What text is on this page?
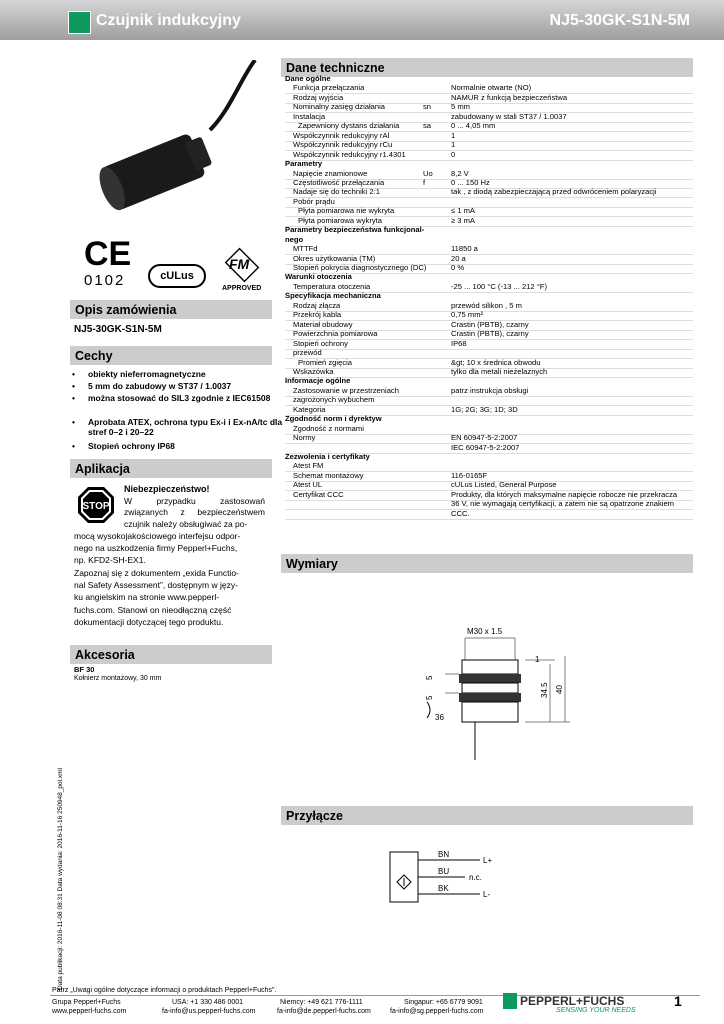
Czujnik indukcyjny	NJ5-30GK-S1N-5M
CE
0102	cULus
FM
APPROVED
Opis zamówienia
NJ5-30GK-S1N-5M
Cechy
• obiekty nieferromagnetyczne
• 5 mm do zabudowy w ST37 / 1.0037
• można stosować do SIL3 zgodnie z IEC61508
• Aprobata ATEX, ochrona typu Ex-i i Ex-nA/tc dla stref 0–2 i 20–22
• Stopień ochrony IP68
Aplikacja
STOP
Niebezpieczeństwo!
W przypadku zastosowań
związanych z bezpieczeństwem
czujnik należy obsługiwać za po-
mocą wysokojakościowego interfejsu odpor-
nego na uszkodzenia firmy Pepperl+Fuchs,
np. KFD2-SH-EX1.
Zapoznaj się z dokumentem „exida Functio-
nal Safety Assessment”, dostępnym w języ-
ku angielskim na stronie www.pepperl-
fuchs.com. Stanowi on nieodłączną część
dokumentacji dotyczącej tego produktu.
Akcesoria
BF 30
Kołnierz montażowy, 30 mm
Data publikacji: 2016-11-08 08:31 Data wydania: 2016-11-16 250948_pol.xml
Dane techniczne
Dane ogólne
Funkcja przełączania	Normalnie otwarte (NO)
Rodzaj wyjścia	NAMUR z funkcją bezpieczeństwa
Nominalny zasięg działania	sn	5 mm
Instalacja	zabudowany w stali ST37 / 1.0037
Zapewniony dystans działania	sa	0 ... 4,05 mm
Współczynnik redukcyjny rAl	1
Współczynnik redukcyjny rCu	1
Współczynnik redukcyjny r1.4301	0
Parametry
Napięcie znamionowe	Uo 8,2 V
Częstotliwość przełączania	f	0 ... 150 Hz
Nadaje się do techniki 2:1	tak , z diodą zabezpieczającą przed odwróceniem polaryzacji
Pobór prądu
Płyta pomiarowa nie wykryta	≤ 1 mA
Płyta pomiarowa wykryta	≥ 3 mA
Parametry bezpieczeństwa funkcjonal-
nego
MTTFd	11850 a
Okres użytkowania (TM)	20 a
Stopień pokrycia diagnostycznego (DC)	0 %
Warunki otoczenia
Temperatura otoczenia	-25 ... 100 °C (-13 ... 212 °F)
Specyfikacja mechaniczna
Rodzaj złącza	przewód silikon , 5 m
Przekrój kabla	0,75 mm²
Materiał obudowy	Crastin (PBTB), czarny
Powierzchnia pomiarowa	Crastin (PBTB), czarny
Stopień ochrony	IP68
przewód
Promień zgięcia	&gt; 10 x średnica obwodu
Wskazówka	tylko dla metali nieżelaznych
Informacje ogólne
Zastosowanie w przestrzeniach	patrz instrukcja obsługi
zagrożonych wybuchem
Kategoria	1G; 2G; 3G; 1D; 3D
Zgodność norm i dyrektyw
Zgodność z normami
Normy	EN 60947-5-2:2007
IEC 60947-5-2:2007
Zezwolenia i certyfikaty
Atest FM
Schemat montażowy	116-0165F
Atest UL	cULus Listed, General Purpose
Certyfikat CCC	Produkty, dla których maksymalne napięcie robocze nie przekracza
36 V, nie wymagają certyfikacji, a zatem nie są opatrzone znakiem
CCC.
Wymiary
M30 x 1.5
5
5	34.5 40
1
36
Przyłącze
BN
BU
BK
L+
n.c.
L-
Patrz „Uwagi ogólne dotyczące informacji o produktach Pepperl+Fuchs".
Grupa Pepperl+Fuchs
www.pepperl-fuchs.com
USA: +1 330 486 0001
fa-info@us.pepperl-fuchs.com
Niemcy: +49 621 776-1111
fa-info@de.pepperl-fuchs.com
Singapur: +65 6779 9091
fa-info@sg.pepperl-fuchs.com
PEPPERL+FUCHS
SENSING YOUR NEEDS
1
